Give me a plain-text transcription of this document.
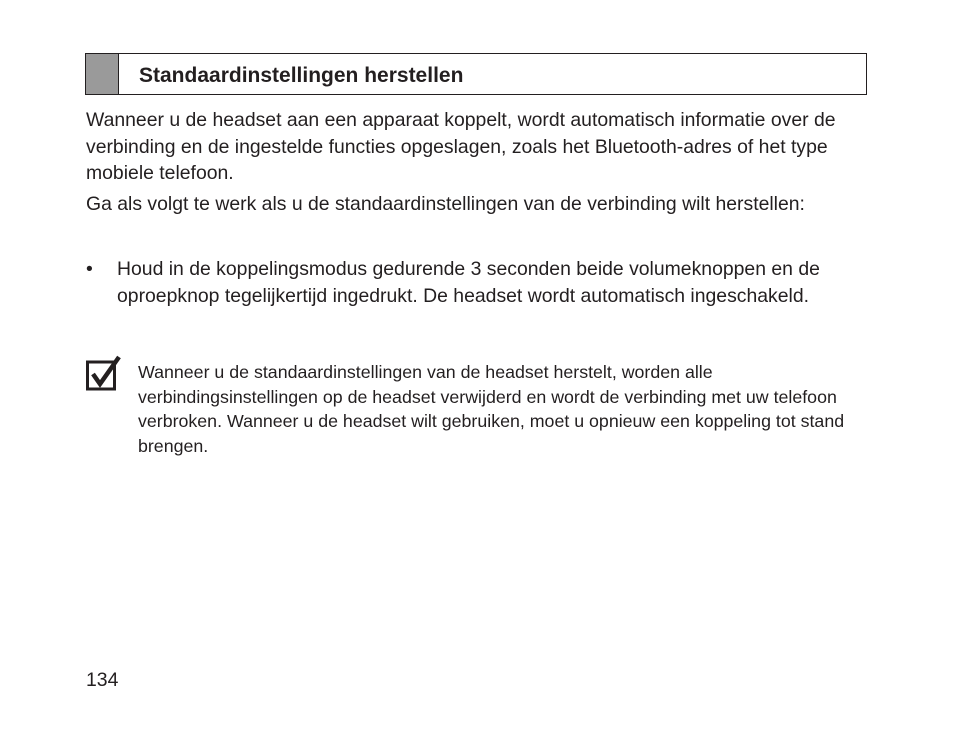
Standaardinstellingen herstellen

Wanneer u de headset aan een apparaat koppelt, wordt automatisch informatie over de verbinding en de ingestelde functies opgeslagen, zoals het Bluetooth-adres of het type mobiele telefoon.

Ga als volgt te werk als u de standaardinstellingen van de verbinding wilt herstellen:

• Houd in de koppelingsmodus gedurende 3 seconden beide volumeknoppen en de oproepknop tegelijkertijd ingedrukt. De headset wordt automatisch ingeschakeld.

Wanneer u de standaardinstellingen van de headset herstelt, worden alle verbindingsinstellingen op de headset verwijderd en wordt de verbinding met uw telefoon verbroken. Wanneer u de headset wilt gebruiken, moet u opnieuw een koppeling tot stand brengen.

134
